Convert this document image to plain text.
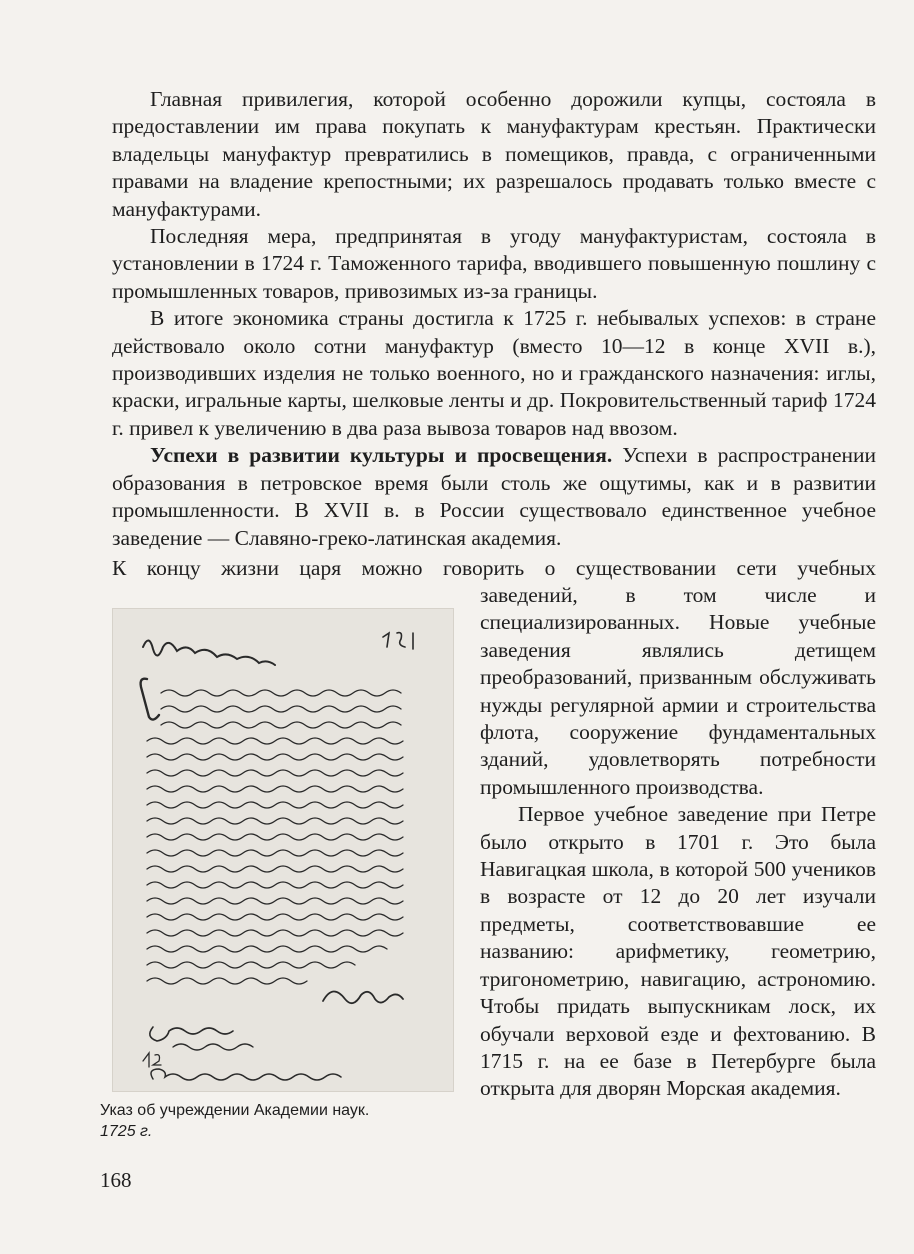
Главная привилегия, которой особенно дорожили купцы, состояла в предоставлении им права покупать к мануфактурам крестьян. Практически владельцы мануфактур превратились в помещиков, правда, с ограниченными правами на владение крепостными; их разрешалось продавать только вместе с мануфактурами.

Последняя мера, предпринятая в угоду мануфактуристам, состояла в установлении в 1724 г. Таможенного тарифа, вводившего повышенную пошлину с промышленных товаров, привозимых из-за границы.

В итоге экономика страны достигла к 1725 г. небывалых успехов: в стране действовало около сотни мануфактур (вместо 10—12 в конце XVII в.), производивших изделия не только военного, но и гражданского назначения: иглы, краски, игральные карты, шелковые ленты и др. Покровительственный тариф 1724 г. привел к увеличению в два раза вывоза товаров над ввозом.

Успехи в развитии культуры и просвещения. Успехи в распространении образования в петровское время были столь же ощутимы, как и в развитии промышленности. В XVII в. в России существовало единственное учебное заведение — Славяно-греко-латинская академия.

К концу жизни царя можно говорить о существовании сети учебных

заведений, в том числе и специализированных. Новые учебные заведения являлись детищем преобразований, призванным обслуживать нужды регулярной армии и строительства флота, сооружение фундаментальных зданий, удовлетворять потребности промышленного производства.

Первое учебное заведение при Петре было открыто в 1701 г. Это была Навигацкая школа, в которой 500 учеников в возрасте от 12 до 20 лет изучали предметы, соответствовавшие ее названию: арифметику, геометрию, тригонометрию, навигацию, астрономию. Чтобы придать выпускникам лоск, их обучали верховой езде и фехтованию. В 1715 г. на ее базе в Петербурге была открыта для дворян Морская академия.

Указ об учреждении Академии наук.
1725 г.
168
